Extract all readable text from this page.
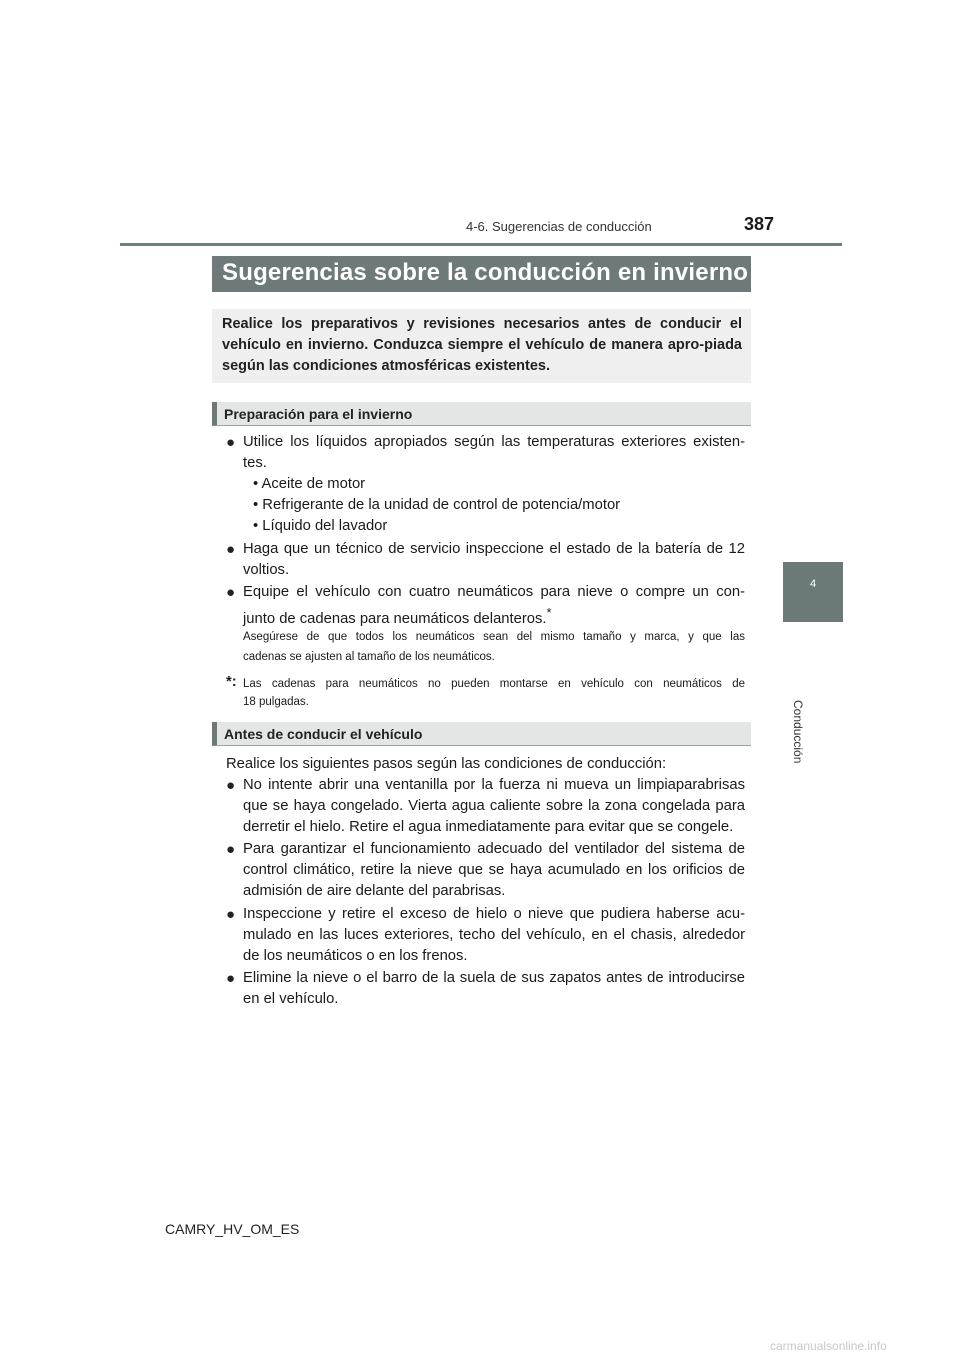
4-6. Sugerencias de conducción	387
4
Conducción
Sugerencias sobre la conducción en invierno
Realice los preparativos y revisiones necesarios antes de conducir el vehículo en invierno. Conduzca siempre el vehículo de manera apro-piada según las condiciones atmosféricas existentes.
Preparación para el invierno
● Utilice los líquidos apropiados según las temperaturas exteriores existen-
tes.
• Aceite de motor
• Refrigerante de la unidad de control de potencia/motor
• Líquido del lavador
● Haga que un técnico de servicio inspeccione el estado de la batería de 12
voltios.
● Equipe el vehículo con cuatro neumáticos para nieve o compre un con-
junto de cadenas para neumáticos delanteros.*
Asegúrese de que todos los neumáticos sean del mismo tamaño y marca, y que las
cadenas se ajusten al tamaño de los neumáticos.
*: Las cadenas para neumáticos no pueden montarse en vehículo con neumáticos de
18 pulgadas.
Antes de conducir el vehículo
Realice los siguientes pasos según las condiciones de conducción:
● No intente abrir una ventanilla por la fuerza ni mueva un limpiaparabrisas
que se haya congelado. Vierta agua caliente sobre la zona congelada para
derretir el hielo. Retire el agua inmediatamente para evitar que se congele.
● Para garantizar el funcionamiento adecuado del ventilador del sistema de
control climático, retire la nieve que se haya acumulado en los orificios de
admisión de aire delante del parabrisas.
● Inspeccione y retire el exceso de hielo o nieve que pudiera haberse acu-
mulado en las luces exteriores, techo del vehículo, en el chasis, alrededor
de los neumáticos o en los frenos.
● Elimine la nieve o el barro de la suela de sus zapatos antes de introducirse
en el vehículo.
CAMRY_HV_OM_ES
carmanualsonline.info
